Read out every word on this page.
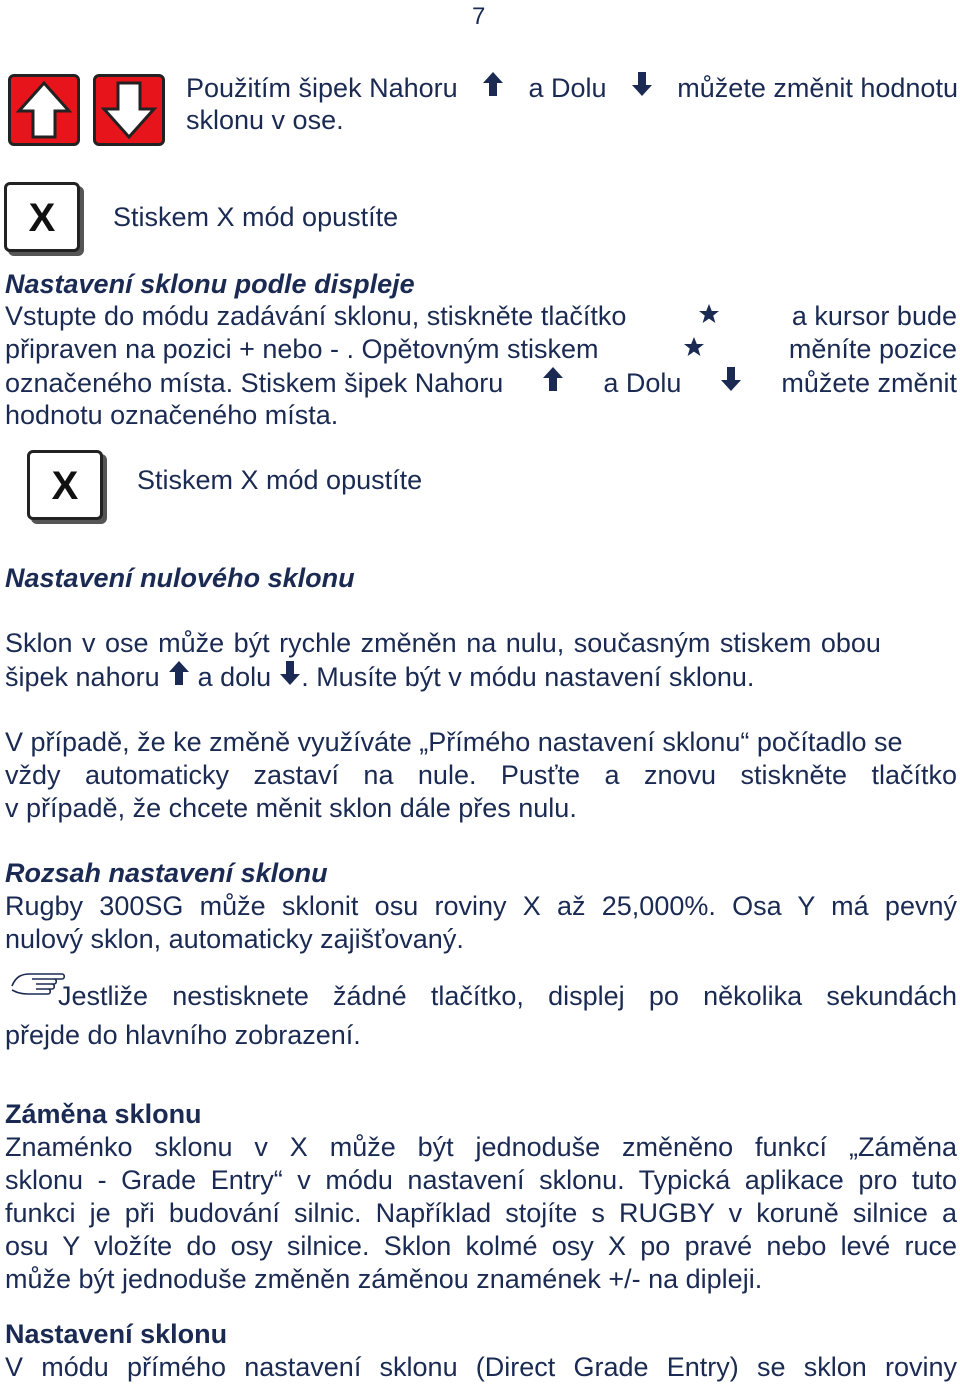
7
Použitím šipek Nahoru	a Dolu	můžete změnit hodnotu
sklonu v ose.
X Stiskem X mód opustíte
Nastavení sklonu podle displeje
Vstupte do módu zadávání sklonu, stiskněte tlačítko	a kursor bude
připraven na pozici + nebo - . Opětovným stiskem	měníte pozice
označeného místa. Stiskem šipek Nahoru	a Dolu	můžete změnit
hodnotu označeného místa.
X Stiskem X mód opustíte
Nastavení nulového sklonu
Sklon v ose může být rychle změněn na nulu, současným stiskem obou
šipek nahoru a dolu . Musíte být v módu nastavení sklonu.
V případě, že ke změně využíváte „Přímého nastavení sklonu“ počítadlo se
vždy automaticky zastaví na nule. Pusťte a znovu stiskněte tlačítko
v případě, že chcete měnit sklon dále přes nulu.
Rozsah nastavení sklonu
Rugby 300SG může sklonit osu roviny X až 25,000%. Osa Y má pevný
nulový sklon, automaticky zajišťovaný.
Jestliže nestisknete žádné tlačítko, displej po několika sekundách
přejde do hlavního zobrazení.
Záměna sklonu
Znaménko sklonu v X může být jednoduše změněno funkcí „Záměna
sklonu - Grade Entry“ v módu nastavení sklonu. Typická aplikace pro tuto
funkci je při budování silnic. Například stojíte s RUGBY v koruně silnice a
osu Y vložíte do osy silnice. Sklon kolmé osy X po pravé nebo levé ruce
může být jednoduše změněn záměnou znamének +/- na dipleji.
Nastavení sklonu
V módu přímého nastavení sklonu (Direct Grade Entry) se sklon roviny
